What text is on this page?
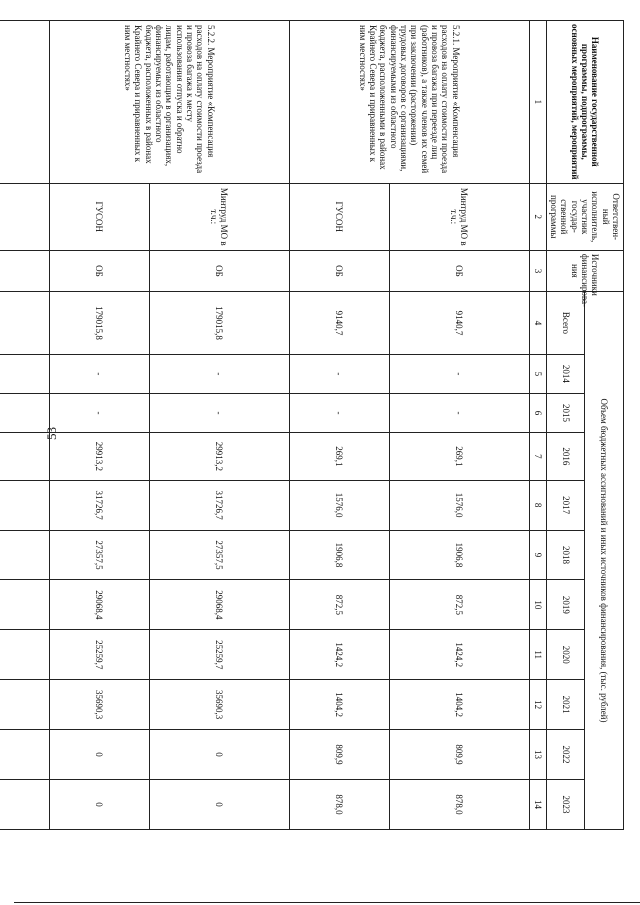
53
Наименование государственной программы, подпрограммы, основных мероприятий, мероприятий	Ответствен-ный исполнитель, участник государ-ственной программы	Источники финансирова-ния	Объем бюджетных ассигнований и иных источников финансирования, (тыс. рублей)										
			Всего	2014	2015	2016	2017	2018	2019	2020	2021	2022	2023
1	2	3	4	5	6	7	8	9	10	11	12	13	14
5.2.1. Мероприятие «Компенсация расходов на оплату стоимости проезда и провоза багажа при переезде лиц (работников), а также членов их семей при заключении (расторжении) трудовых договоров с организациями, финансируемыми из областного бюджета, расположенными в районах Крайнего Севера и приравненных к ним местностях»	Минтруд МО в т.ч.:	ОБ	9140,7	-	-	269,1	1576,0	1906,8	872,5	1424,2	1404,2	809,9	878,0
	ГУСОН	ОБ	9140,7	-	-	269,1	1576,0	1906,8	872,5	1424,2	1404,2	809,9	878,0
5.2.2. Мероприятие «Компенсация расходов на оплату стоимости проезда и провоза багажа к месту использования отпуска и обратно лицам, работающим в организациях, финансируемых из областного бюджета, расположенных в районах Крайнего Севера и приравненных к ним местностях»	Минтруд МО в т.ч.:	ОБ	179015,8	-	-	29913,2	31726,7	27357,5	29068,4	25259,7	35690,3	0	0
	ГУСОН	ОБ	179015,8	-	-	29913,2	31726,7	27357,5	29068,4	25259,7	35690,3	0	0
